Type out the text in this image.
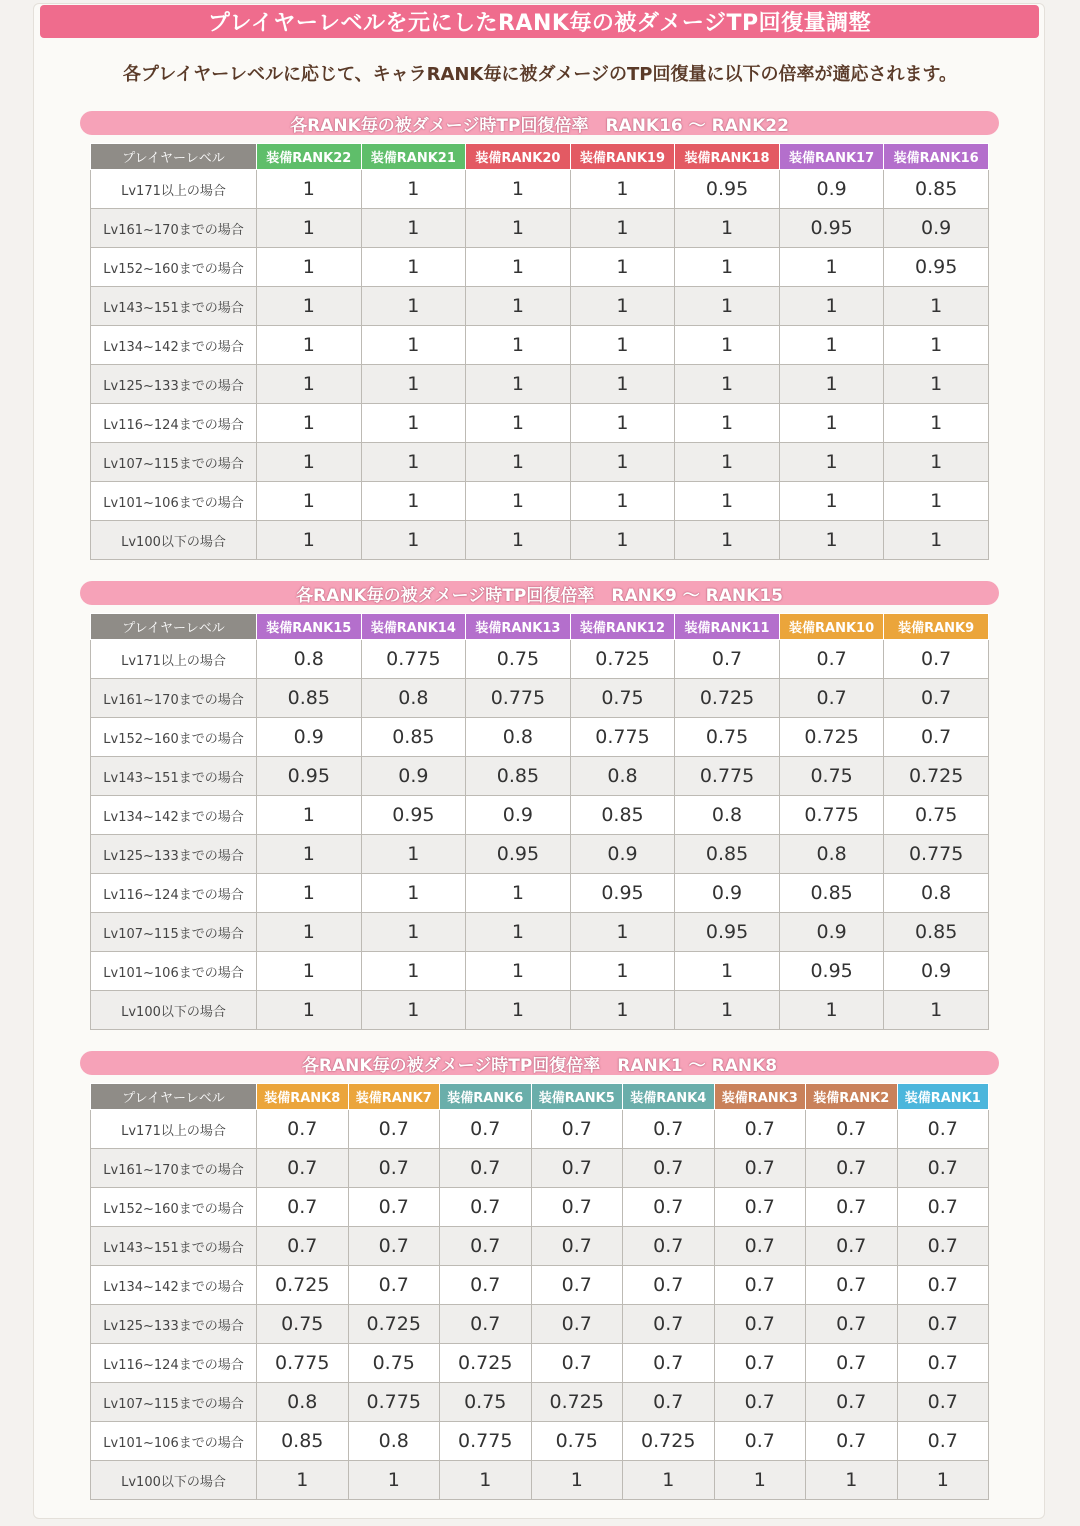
プレイヤーレベルを元にしたRANK毎の被ダメージTP回復量調整
各プレイヤーレベルに応じて、キャラRANK毎に被ダメージのTP回復量に以下の倍率が適応されます。
各RANK毎の被ダメージ時TP回復倍率　RANK16 ～ RANK22
プレイヤーレベル	装備RANK22	装備RANK21	装備RANK20	装備RANK19	装備RANK18	装備RANK17	装備RANK16
Lv171以上の場合	1	1	1	1	0.95	0.9	0.85
Lv161~170までの場合	1	1	1	1	1	0.95	0.9
Lv152~160までの場合	1	1	1	1	1	1	0.95
Lv143~151までの場合	1	1	1	1	1	1	1
Lv134~142までの場合	1	1	1	1	1	1	1
Lv125~133までの場合	1	1	1	1	1	1	1
Lv116~124までの場合	1	1	1	1	1	1	1
Lv107~115までの場合	1	1	1	1	1	1	1
Lv101~106までの場合	1	1	1	1	1	1	1
Lv100以下の場合	1	1	1	1	1	1	1
各RANK毎の被ダメージ時TP回復倍率　RANK9 ～ RANK15
プレイヤーレベル	装備RANK15	装備RANK14	装備RANK13	装備RANK12	装備RANK11	装備RANK10	装備RANK9
Lv171以上の場合	0.8	0.775	0.75	0.725	0.7	0.7	0.7
Lv161~170までの場合	0.85	0.8	0.775	0.75	0.725	0.7	0.7
Lv152~160までの場合	0.9	0.85	0.8	0.775	0.75	0.725	0.7
Lv143~151までの場合	0.95	0.9	0.85	0.8	0.775	0.75	0.725
Lv134~142までの場合	1	0.95	0.9	0.85	0.8	0.775	0.75
Lv125~133までの場合	1	1	0.95	0.9	0.85	0.8	0.775
Lv116~124までの場合	1	1	1	0.95	0.9	0.85	0.8
Lv107~115までの場合	1	1	1	1	0.95	0.9	0.85
Lv101~106までの場合	1	1	1	1	1	0.95	0.9
Lv100以下の場合	1	1	1	1	1	1	1
各RANK毎の被ダメージ時TP回復倍率　RANK1 ～ RANK8
プレイヤーレベル	装備RANK8	装備RANK7	装備RANK6	装備RANK5	装備RANK4	装備RANK3	装備RANK2	装備RANK1
Lv171以上の場合	0.7	0.7	0.7	0.7	0.7	0.7	0.7	0.7
Lv161~170までの場合	0.7	0.7	0.7	0.7	0.7	0.7	0.7	0.7
Lv152~160までの場合	0.7	0.7	0.7	0.7	0.7	0.7	0.7	0.7
Lv143~151までの場合	0.7	0.7	0.7	0.7	0.7	0.7	0.7	0.7
Lv134~142までの場合	0.725	0.7	0.7	0.7	0.7	0.7	0.7	0.7
Lv125~133までの場合	0.75	0.725	0.7	0.7	0.7	0.7	0.7	0.7
Lv116~124までの場合	0.775	0.75	0.725	0.7	0.7	0.7	0.7	0.7
Lv107~115までの場合	0.8	0.775	0.75	0.725	0.7	0.7	0.7	0.7
Lv101~106までの場合	0.85	0.8	0.775	0.75	0.725	0.7	0.7	0.7
Lv100以下の場合	1	1	1	1	1	1	1	1
